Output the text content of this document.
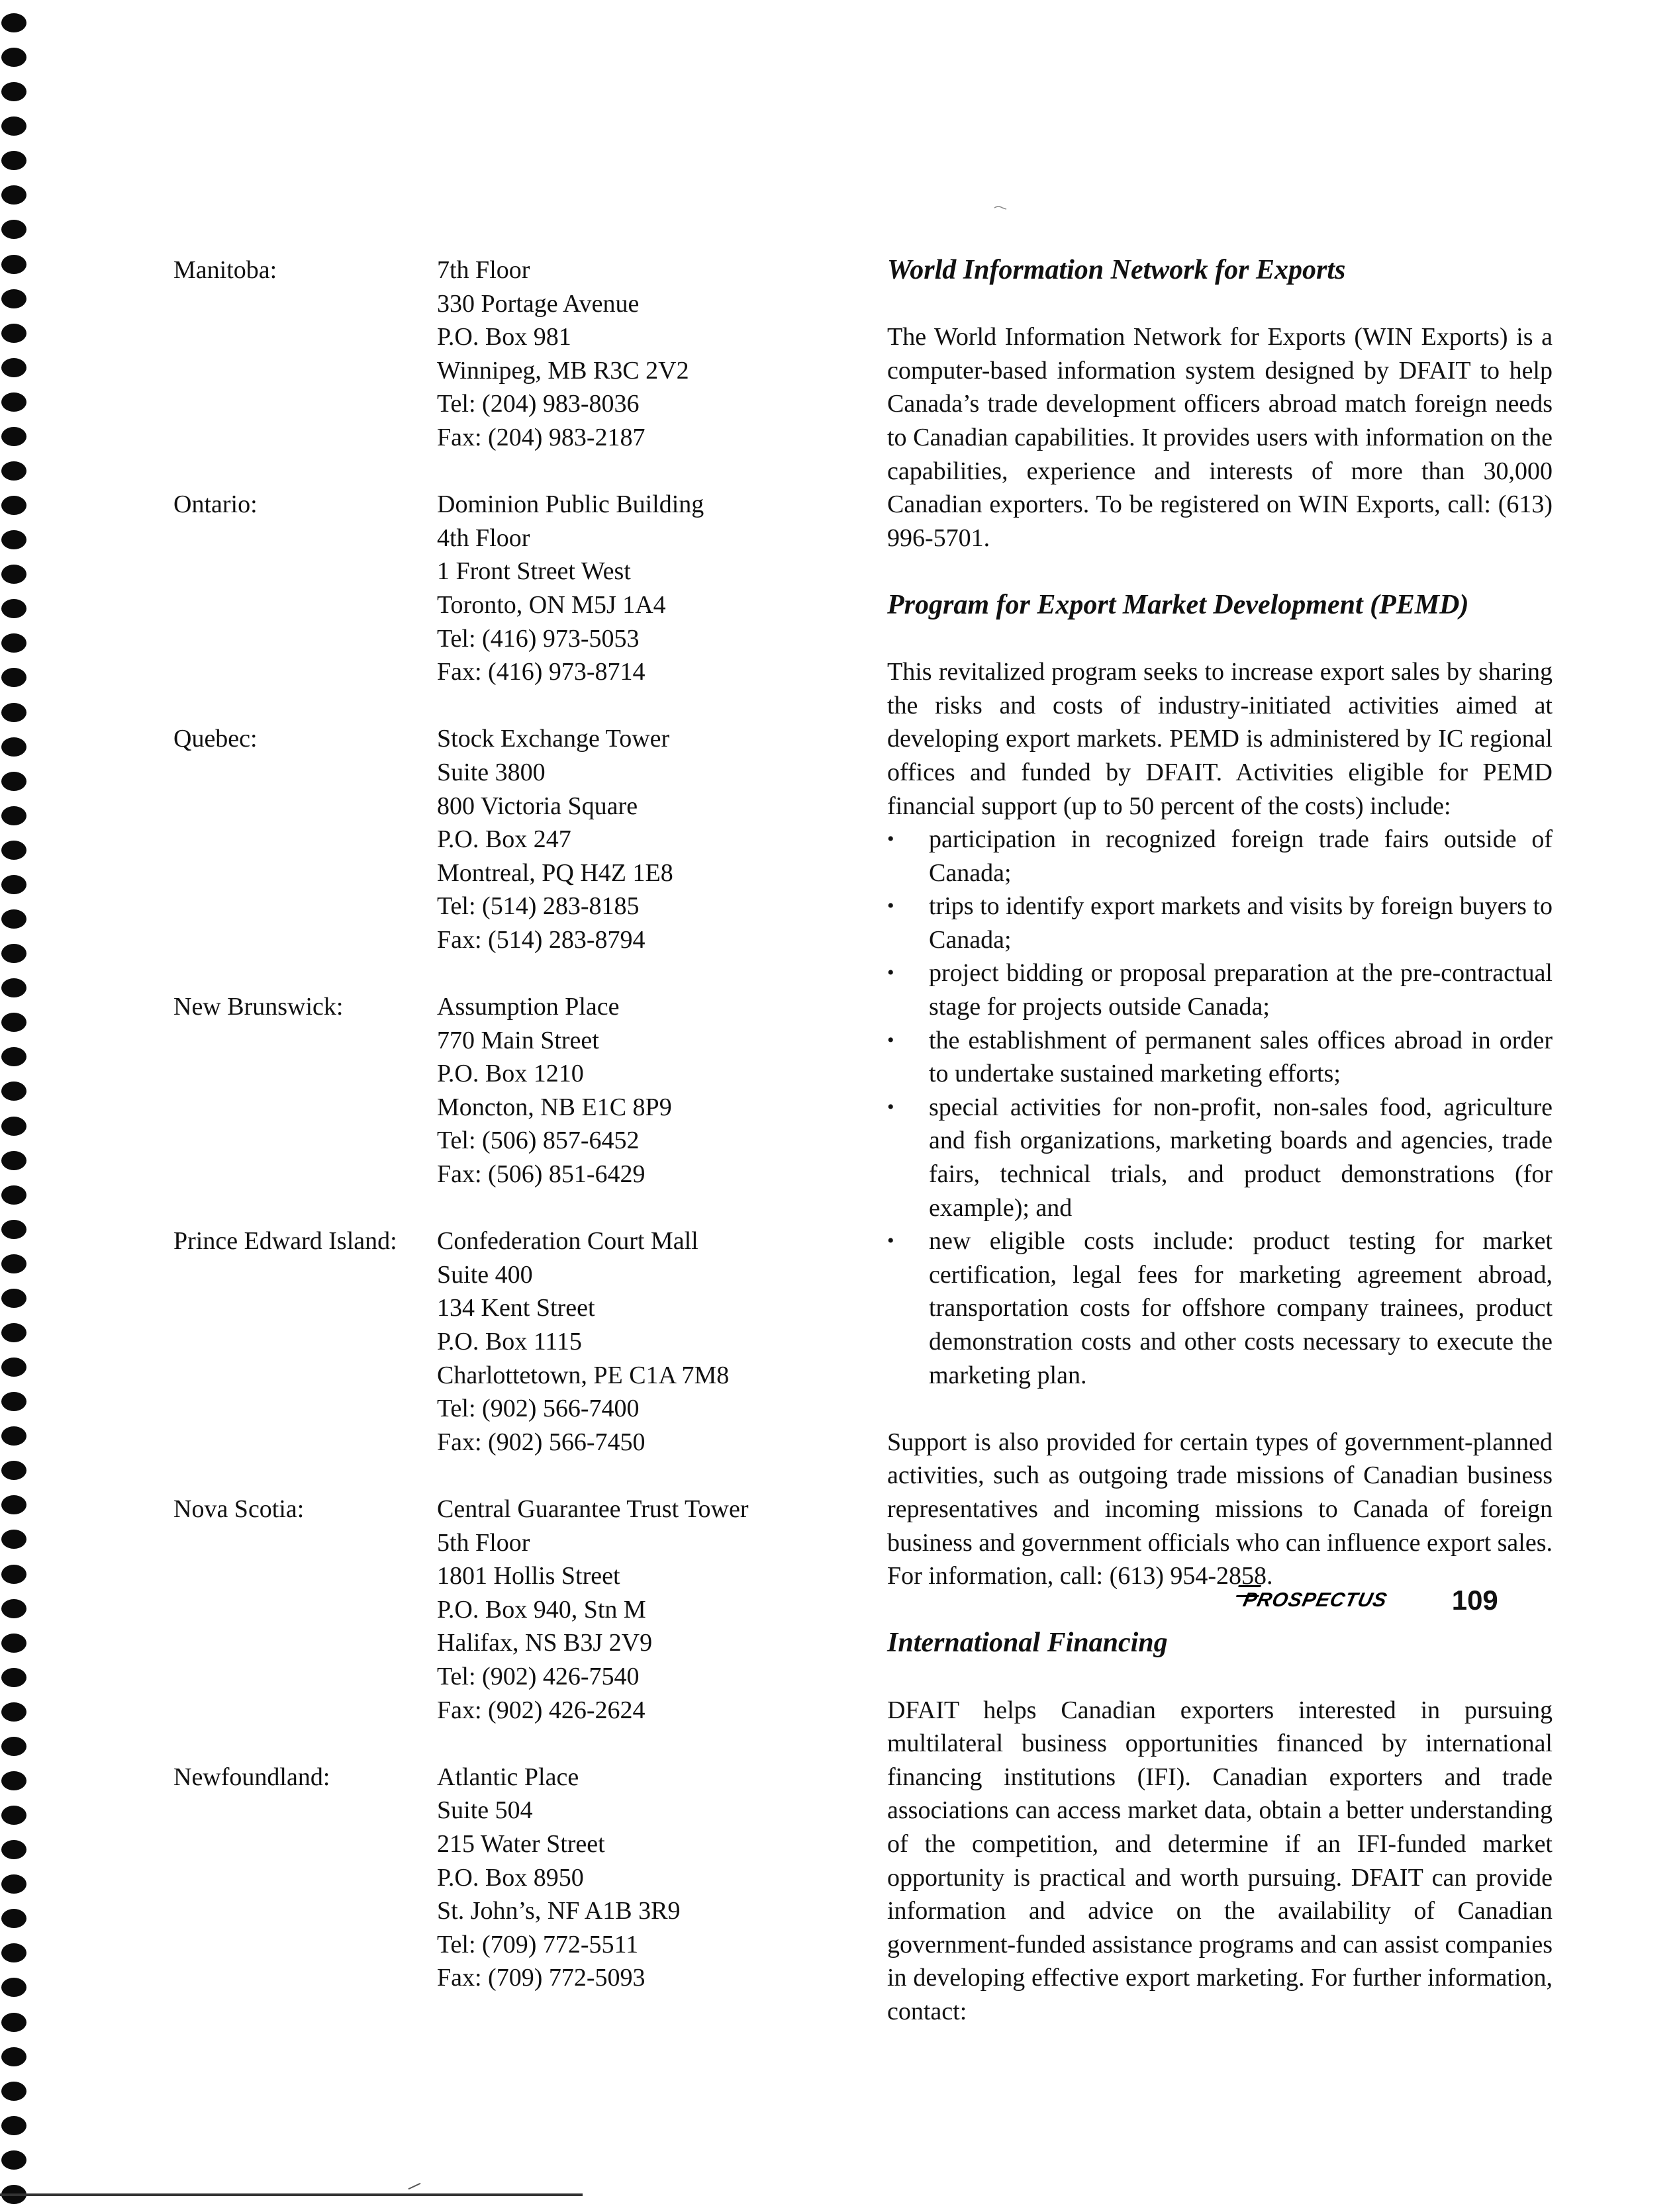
Manitoba:	7th Floor
330 Portage Avenue
P.O. Box 981
Winnipeg, MB R3C 2V2
Tel: (204) 983-8036
Fax: (204) 983-2187
Ontario:	Dominion Public Building
4th Floor
1 Front Street West
Toronto, ON M5J 1A4
Tel: (416) 973-5053
Fax: (416) 973-8714
Quebec:	Stock Exchange Tower
Suite 3800
800 Victoria Square
P.O. Box 247
Montreal, PQ H4Z 1E8
Tel: (514) 283-8185
Fax: (514) 283-8794
New Brunswick:	Assumption Place
770 Main Street
P.O. Box 1210
Moncton, NB E1C 8P9
Tel: (506) 857-6452
Fax: (506) 851-6429
Prince Edward Island:	Confederation Court Mall
Suite 400
134 Kent Street
P.O. Box 1115
Charlottetown, PE C1A 7M8
Tel: (902) 566-7400
Fax: (902) 566-7450
Nova Scotia:	Central Guarantee Trust Tower
5th Floor
1801 Hollis Street
P.O. Box 940, Stn M
Halifax, NS B3J 2V9
Tel: (902) 426-7540
Fax: (902) 426-2624
Newfoundland:	Atlantic Place
Suite 504
215 Water Street
P.O. Box 8950
St. John’s, NF A1B 3R9
Tel: (709) 772-5511
Fax: (709) 772-5093
World Information Network for Exports

The World Information Network for Exports (WIN Exports) is a computer-based information system designed by DFAIT to help Canada’s trade development officers abroad match foreign needs to Canadian capabilities. It provides users with information on the capabilities, experience and interests of more than 30,000 Canadian exporters. To be registered on WIN Exports, call: (613) 996-5701.

Program for Export Market Development (PEMD)

This revitalized program seeks to increase export sales by sharing the risks and costs of industry-initiated activities aimed at developing export markets. PEMD is administered by IC regional offices and funded by DFAIT. Activities eligible for PEMD financial support (up to 50 percent of the costs) include:

• participation in recognized foreign trade fairs outside of Canada;
• trips to identify export markets and visits by foreign buyers to Canada;
• project bidding or proposal preparation at the pre-contractual stage for projects outside Canada;
• the establishment of permanent sales offices abroad in order to undertake sustained marketing efforts;
• special activities for non-profit, non-sales food, agriculture and fish organizations, marketing boards and agencies, trade fairs, technical trials, and product demonstrations (for example); and
• new eligible costs include: product testing for market certification, legal fees for marketing agreement abroad, transportation costs for offshore company trainees, product demonstration costs and other costs necessary to execute the marketing plan.

Support is also provided for certain types of government-planned activities, such as outgoing trade missions of Canadian business representatives and incoming missions to Canada of foreign business and government officials who can influence export sales. For information, call: (613) 954-2858.

International Financing

DFAIT helps Canadian exporters interested in pursuing multilateral business opportunities financed by international financing institutions (IFI). Canadian exporters and trade associations can access market data, obtain a better understanding of the competition, and determine if an IFI-funded market opportunity is practical and worth pursuing. DFAIT can provide information and advice on the availability of Canadian government-funded assistance programs and can assist companies in developing effective export marketing. For further information, contact:

PROSPECTUS 109
